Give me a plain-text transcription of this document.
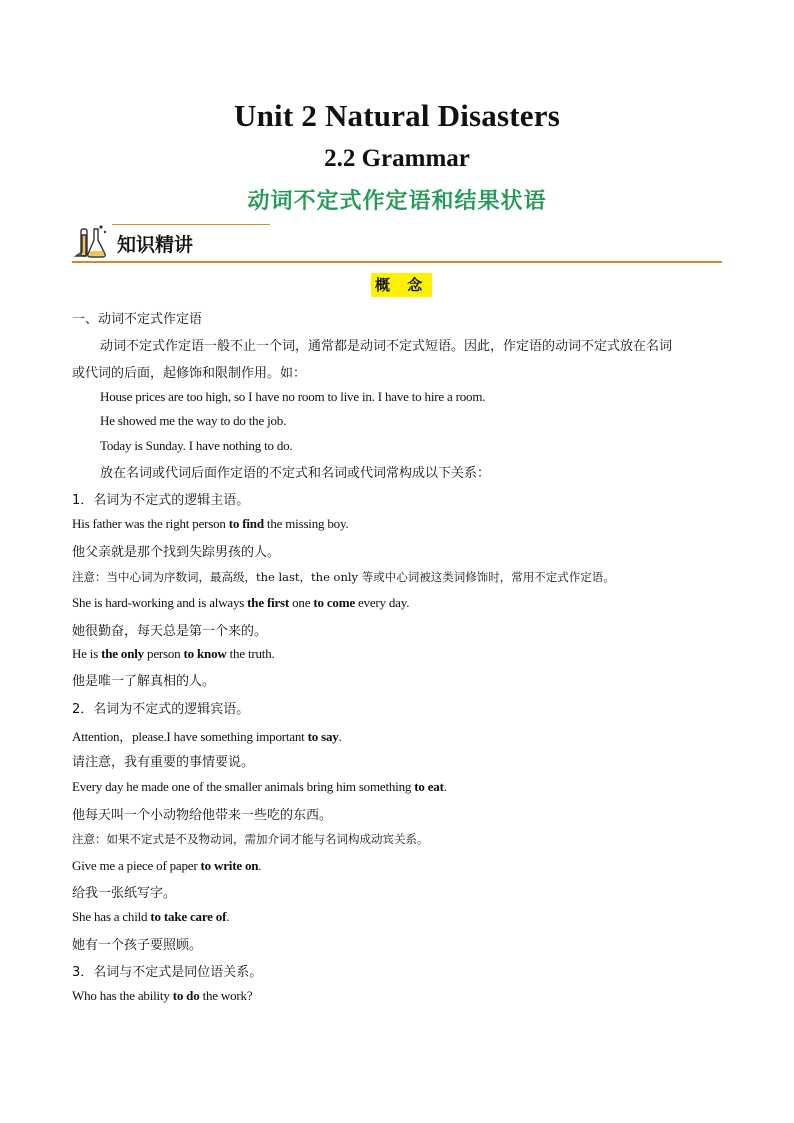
Unit 2 Natural Disasters
2.2 Grammar
动词不定式作定语和结果状语
知识精讲
概 念

一、动词不定式作定语

动词不定式作定语一般不止一个词，通常都是动词不定式短语。因此，作定语的动词不定式放在名词

或代词的后面，起修饰和限制作用。如：

House prices are too high, so I have no room to live in. I have to hire a room.

He showed me the way to do the job.

Today is Sunday. I have nothing to do.

放在名词或代词后面作定语的不定式和名词或代词常构成以下关系：

1．名词为不定式的逻辑主语。

His father was the right person to find the missing boy.

他父亲就是那个找到失踪男孩的人。

注意：当中心词为序数词，最高级，the last，the only 等或中心词被这类词修饰时，常用不定式作定语。

She is hard-working and is always the first one to come every day.

她很勤奋，每天总是第一个来的。

He is the only person to know the truth.

他是唯一了解真相的人。

2．名词为不定式的逻辑宾语。

Attention，please.I have something important to say.

请注意，我有重要的事情要说。

Every day he made one of the smaller animals bring him something to eat.

他每天叫一个小动物给他带来一些吃的东西。

注意：如果不定式是不及物动词，需加介词才能与名词构成动宾关系。

Give me a piece of paper to write on.

给我一张纸写字。

She has a child to take care of.

她有一个孩子要照顾。

3．名词与不定式是同位语关系。

Who has the ability to do the work?
